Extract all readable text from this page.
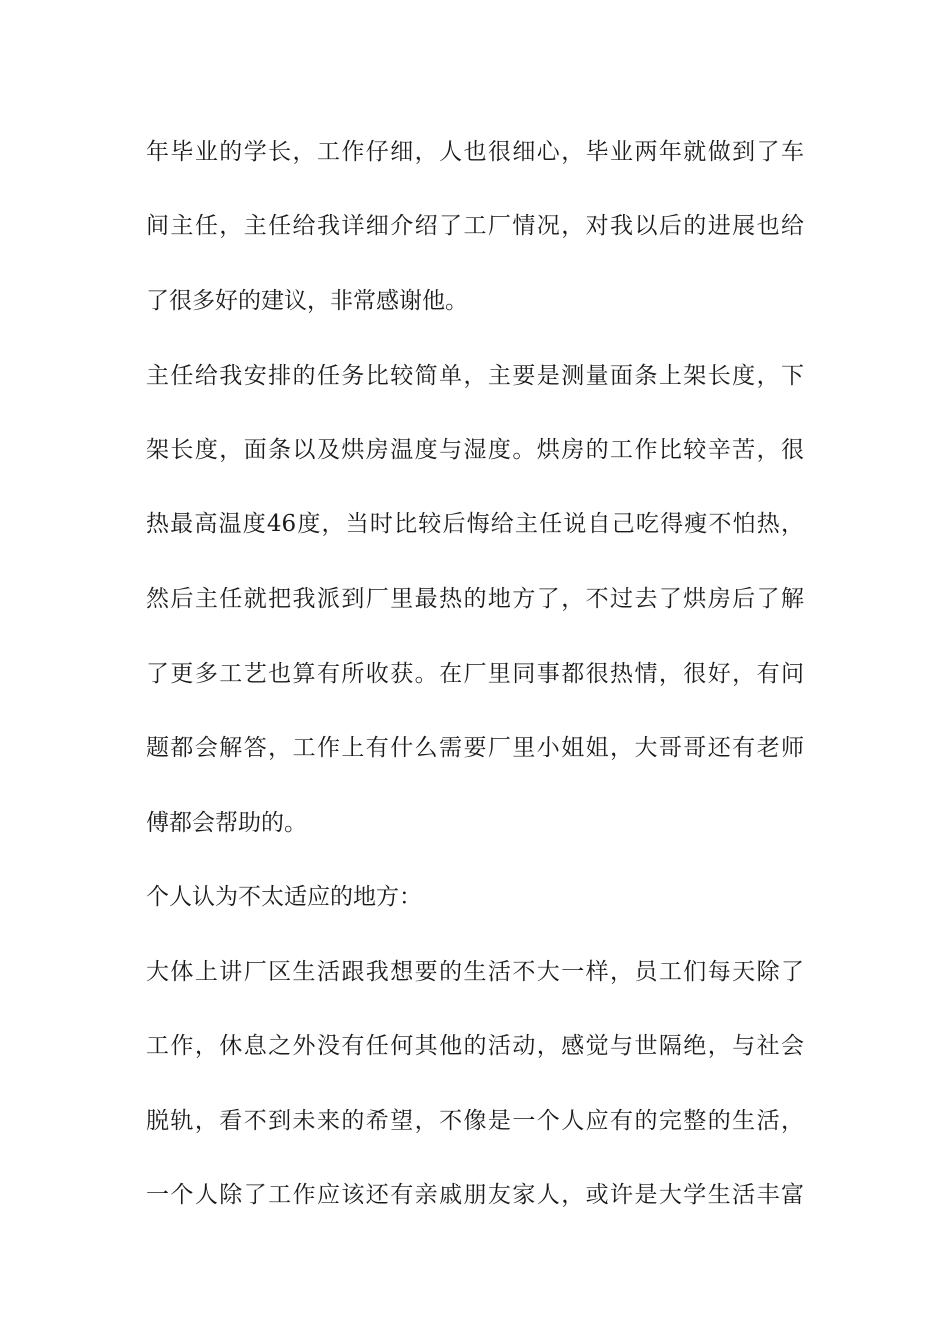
年毕业的学长，工作仔细，人也很细心，毕业两年就做到了车
间主任，主任给我详细介绍了工厂情况，对我以后的进展也给
了很多好的建议，非常感谢他。
主任给我安排的任务比较简单，主要是测量面条上架长度，下
架长度，面条以及烘房温度与湿度。烘房的工作比较辛苦，很
热最高温度46度，当时比较后悔给主任说自己吃得瘦不怕热，
然后主任就把我派到厂里最热的地方了，不过去了烘房后了解
了更多工艺也算有所收获。在厂里同事都很热情，很好，有问
题都会解答，工作上有什么需要厂里小姐姐，大哥哥还有老师
傅都会帮助的。
个人认为不太适应的地方：
大体上讲厂区生活跟我想要的生活不大一样，员工们每天除了
工作，休息之外没有任何其他的活动，感觉与世隔绝，与社会
脱轨，看不到未来的希望，不像是一个人应有的完整的生活，
一个人除了工作应该还有亲戚朋友家人，或许是大学生活丰富
